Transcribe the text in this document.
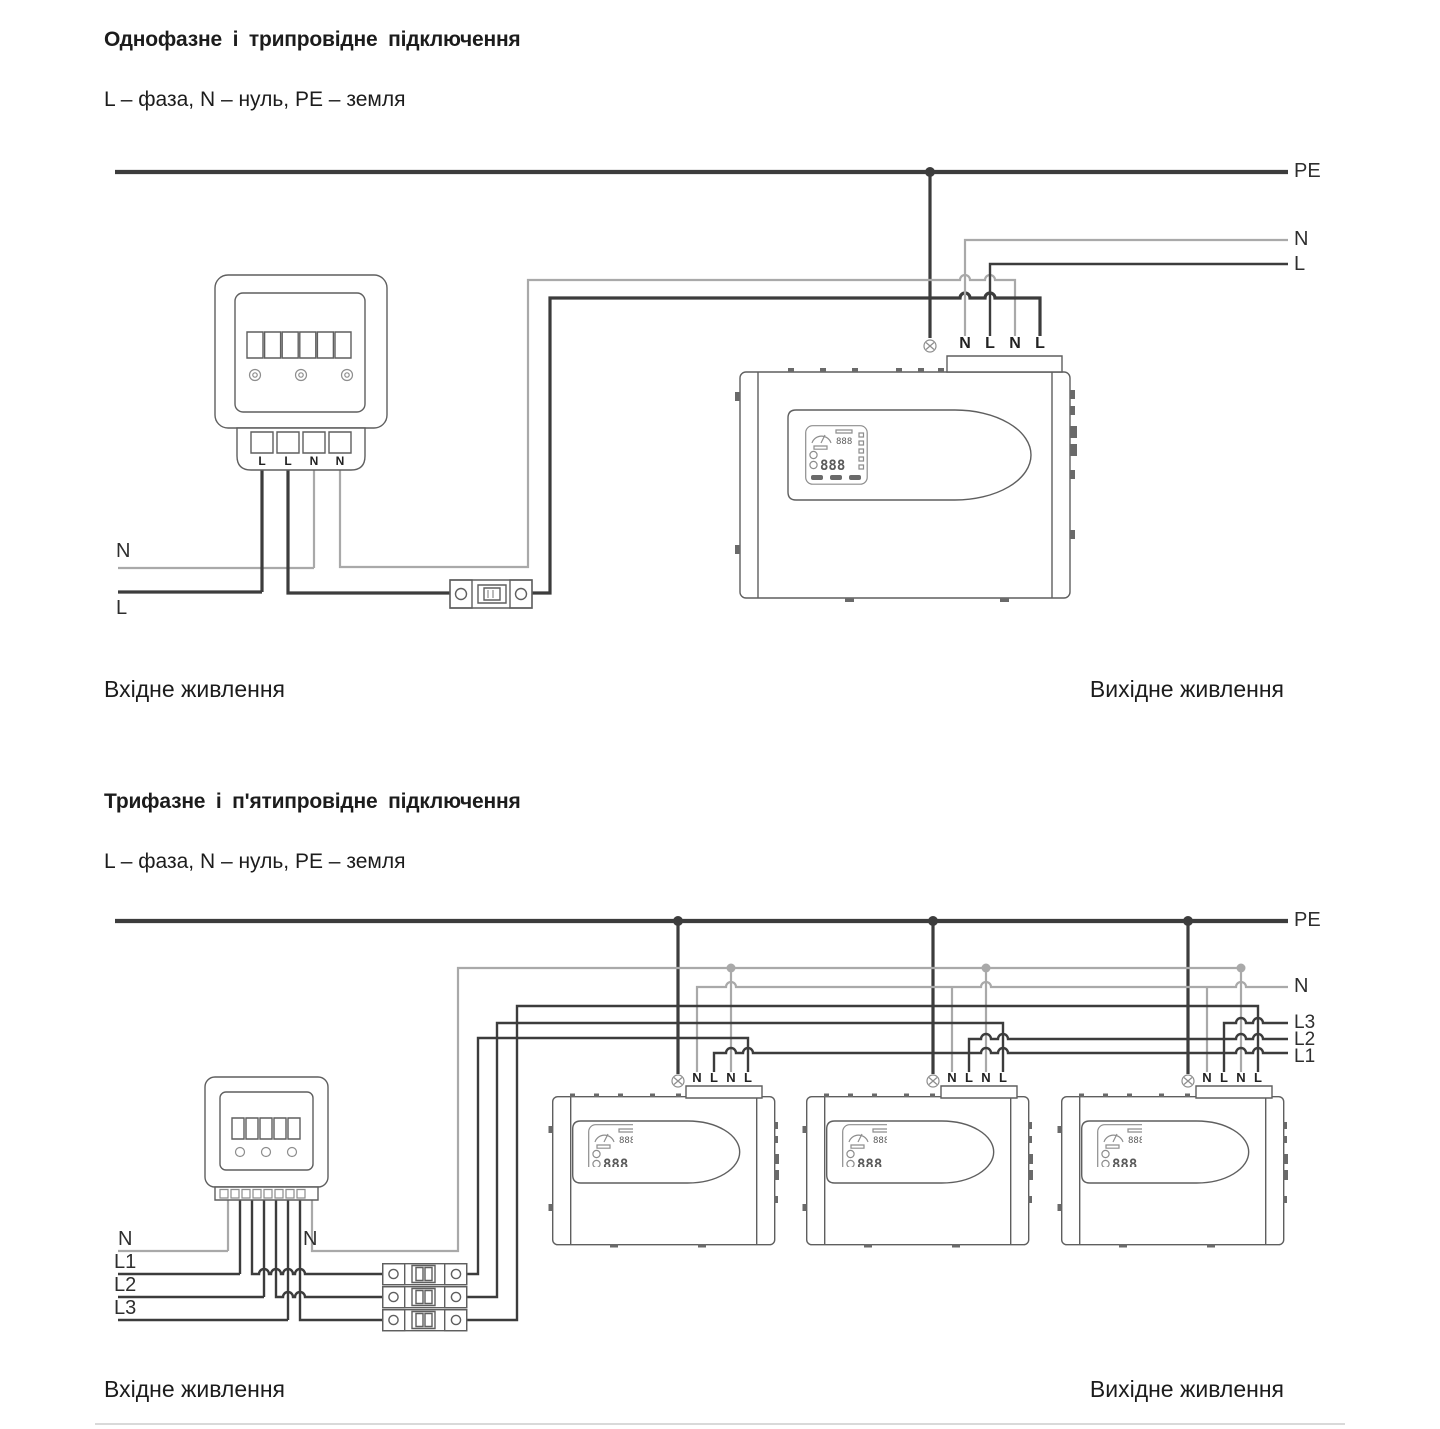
Однофазне і трипровідне підключення
L – фаза, N – нуль, PE – земля
PE
N
L
N
L
L L N N
N L N L
Вхідне живлення	Вихідне живлення
Трифазне і п'ятипровідне підключення
L – фаза, N – нуль, PE – земля
PE
N
L3
L2
L1
N
L1
L2
L3
N
N L N L	N L N L	N L N L
Вхідне живлення	Вихідне живлення
